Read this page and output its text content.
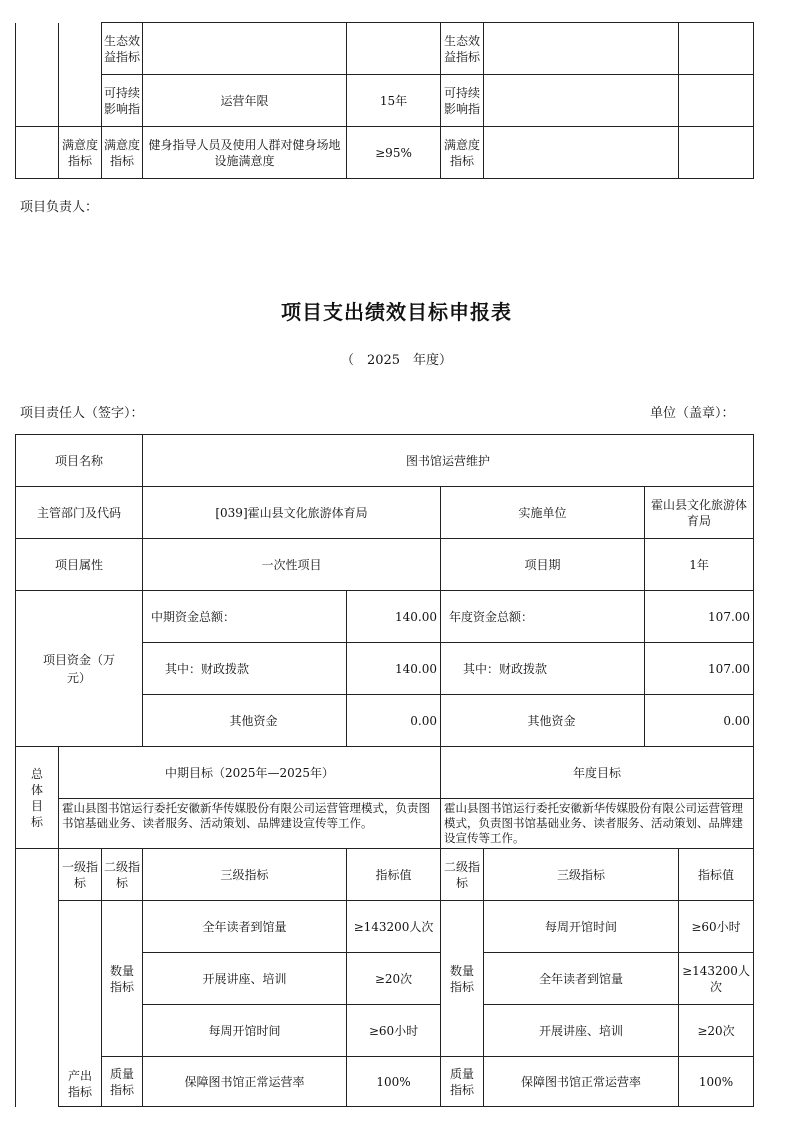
		生态效益指标			生态效益指标		
		可持续影响指	运营年限	15年	可持续影响指		
	满意度指标	满意度指标	健身指导人员及使用人群对健身场地设施满意度	≥95%	满意度指标		
项目负责人：
项目支出绩效目标申报表
（　2025　年度）
项目责任人（签字）：	单位（盖章）：
项目名称			图书馆运营维护					
主管部门及代码			[039]霍山县文化旅游体育局		实施单位		霍山县文化旅游体育局	
项目属性			一次性项目		项目期		1年	

项目资金（万元）			中期资金总额：	140.00	年度资金总额：		107.00	
			其中：财政拨款	140.00	其中：财政拨款		107.00	
			其他资金	0.00	其他资金		0.00	

总体目标	中期目标（2025年—2025年）				年度目标			
	霍山县图书馆运行委托安徽新华传媒股份有限公司运营管理模式，负责图书馆基础业务、读者服务、活动策划、品牌建设宣传等工作。				霍山县图书馆运行委托安徽新华传媒股份有限公司运营管理模式，负责图书馆基础业务、读者服务、活动策划、品牌建设宣传等工作。			
	一级指标	二级指标	三级指标	指标值	二级指标	三级指标		指标值

	产出指标	数量指标	全年读者到馆量	≥143200人次	数量指标	每周开馆时间		≥60小时
			开展讲座、培训	≥20次		全年读者到馆量		≥143200人次
			每周开馆时间	≥60小时		开展讲座、培训		≥20次

		质量指标	保障图书馆正常运营率	100%	质量指标	保障图书馆正常运营率		100%
